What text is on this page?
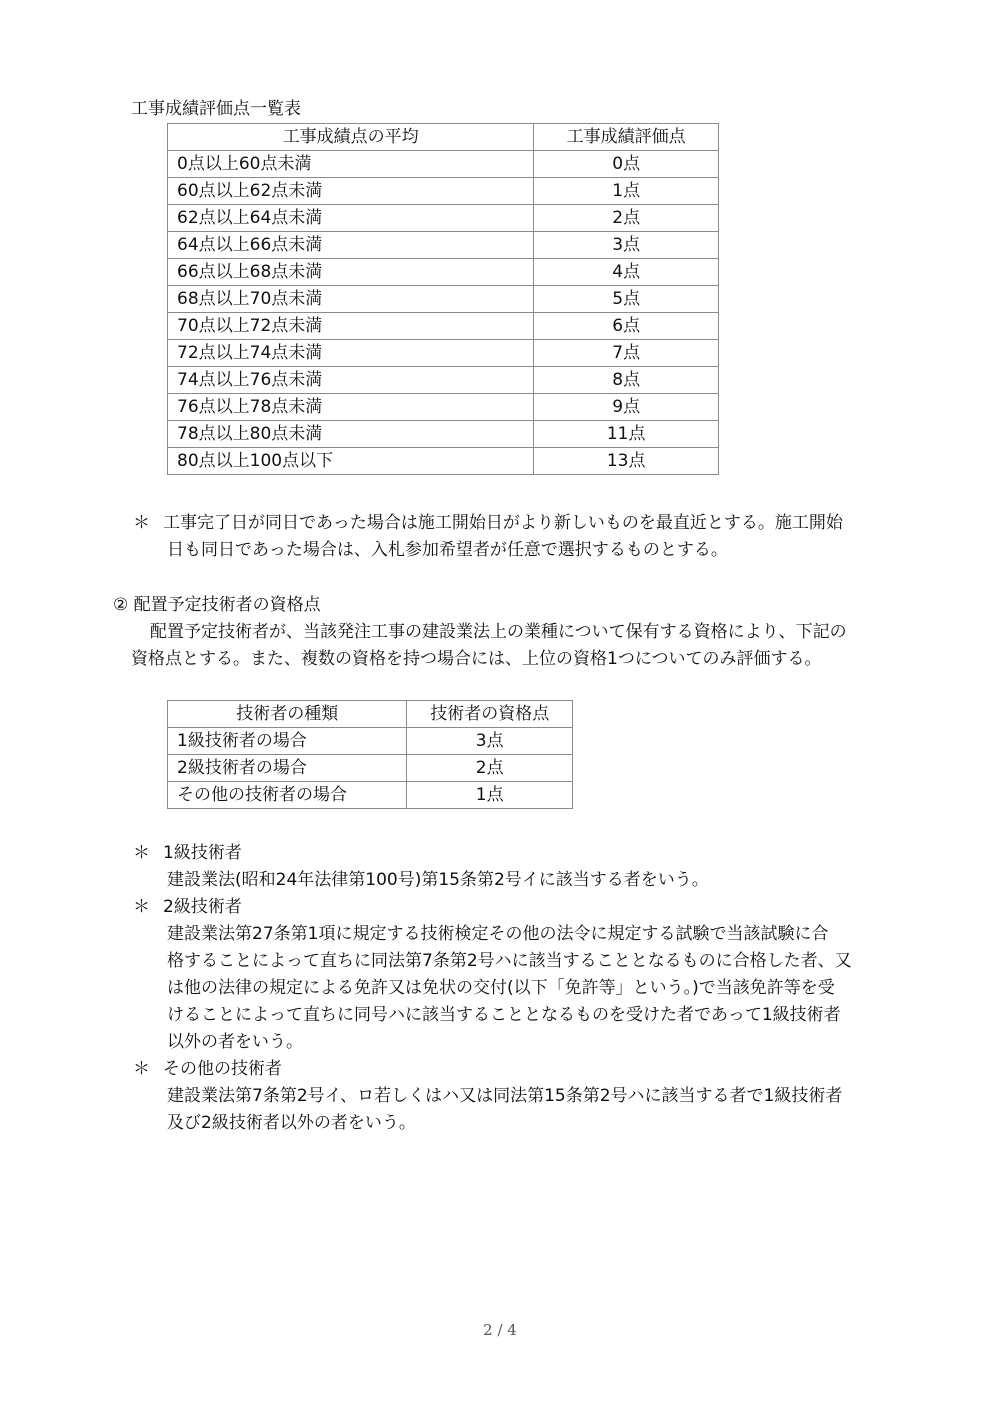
工事成績評価点一覧表
工事成績点の平均	工事成績評価点
0点以上60点未満	0点
60点以上62点未満	1点
62点以上64点未満	2点
64点以上66点未満	3点
66点以上68点未満	4点
68点以上70点未満	5点
70点以上72点未満	6点
72点以上74点未満	7点
74点以上76点未満	8点
76点以上78点未満	9点
78点以上80点未満	11点
80点以上100点以下	13点
＊ 工事完了日が同日であった場合は施工開始日がより新しいものを最直近とする。施工開始
日も同日であった場合は、入札参加希望者が任意で選択するものとする。
② 配置予定技術者の資格点
配置予定技術者が、当該発注工事の建設業法上の業種について保有する資格により、下記の
資格点とする。また、複数の資格を持つ場合には、上位の資格1つについてのみ評価する。
技術者の種類	技術者の資格点
1級技術者の場合	3点
2級技術者の場合	2点
その他の技術者の場合	1点
＊ 1級技術者
建設業法(昭和24年法律第100号)第15条第2号イに該当する者をいう。
＊ 2級技術者
建設業法第27条第1項に規定する技術検定その他の法令に規定する試験で当該試験に合
格することによって直ちに同法第7条第2号ハに該当することとなるものに合格した者、又
は他の法律の規定による免許又は免状の交付(以下「免許等」という。)で当該免許等を受
けることによって直ちに同号ハに該当することとなるものを受けた者であって1級技術者
以外の者をいう。
＊ その他の技術者
建設業法第7条第2号イ、ロ若しくはハ又は同法第15条第2号ハに該当する者で1級技術者
及び2級技術者以外の者をいう。
2 / 4
